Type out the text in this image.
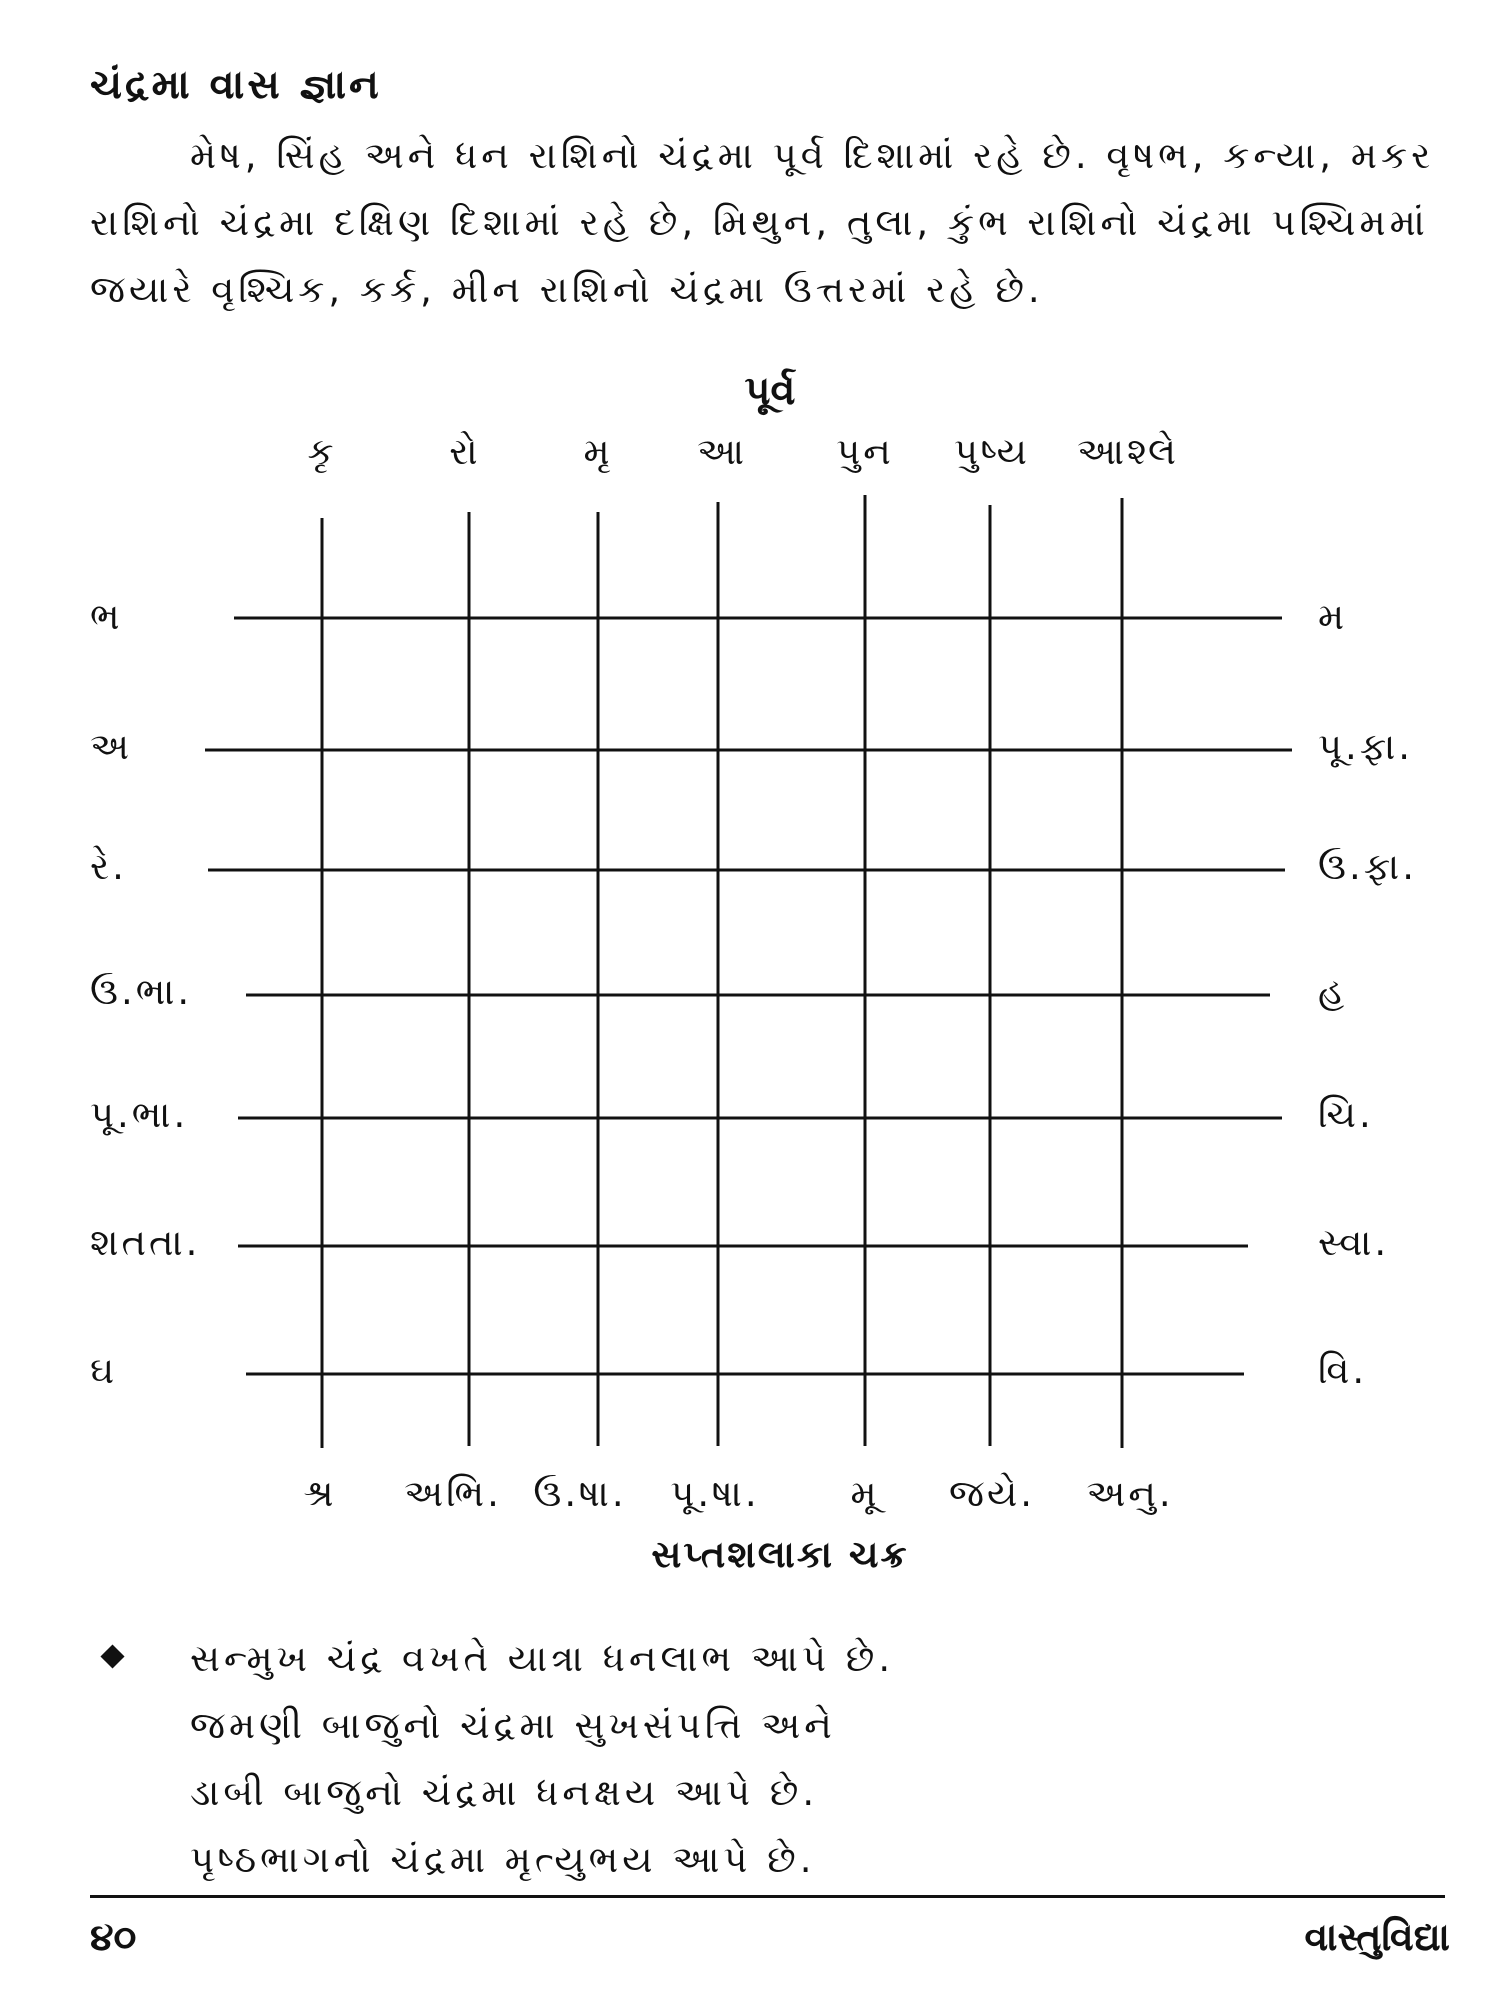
ચંદ્રમા વાસ જ્ઞાન
મેષ, સિંહ અને ધન રાશિનો ચંદ્રમા પૂર્વ દિશામાં રહે છે. વૃષભ, કન્યા, મકર રાશિનો ચંદ્રમા દક્ષિણ દિશામાં રહે છે, મિથુન, તુલા, કુંભ રાશિનો ચંદ્રમા પશ્ચિમમાં જયારે વૃશ્ચિક, કર્ક, મીન રાશિનો ચંદ્રમા ઉત્તરમાં રહે છે.
પૂર્વ
કૃ	રો	મૃ	આ	પુન	પુષ્ય	આશ્લે
ભ
અ
રે.
ઉ.ભા.
પૂ.ભા.
શતતા.
ઘ
મ
પૂ.ફા.
ઉ.ફા.
હ
ચિ.
સ્વા.
વિ.
શ્ર	અભિ. ઉ.ષા.	પૂ.ષા.	મૂ	જયે.	અનુ.
સપ્તશલાકા ચક્ર
સન્મુખ ચંદ્ર વખતે યાત્રા ધનલાભ આપે છે.
જમણી બાજુનો ચંદ્રમા સુખસંપત્તિ અને
ડાબી બાજુનો ચંદ્રમા ધનક્ષય આપે છે.
પૃષ્ઠભાગનો ચંદ્રમા મૃત્યુભય આપે છે.
૪૦	વાસ્તુવિદ્યા
